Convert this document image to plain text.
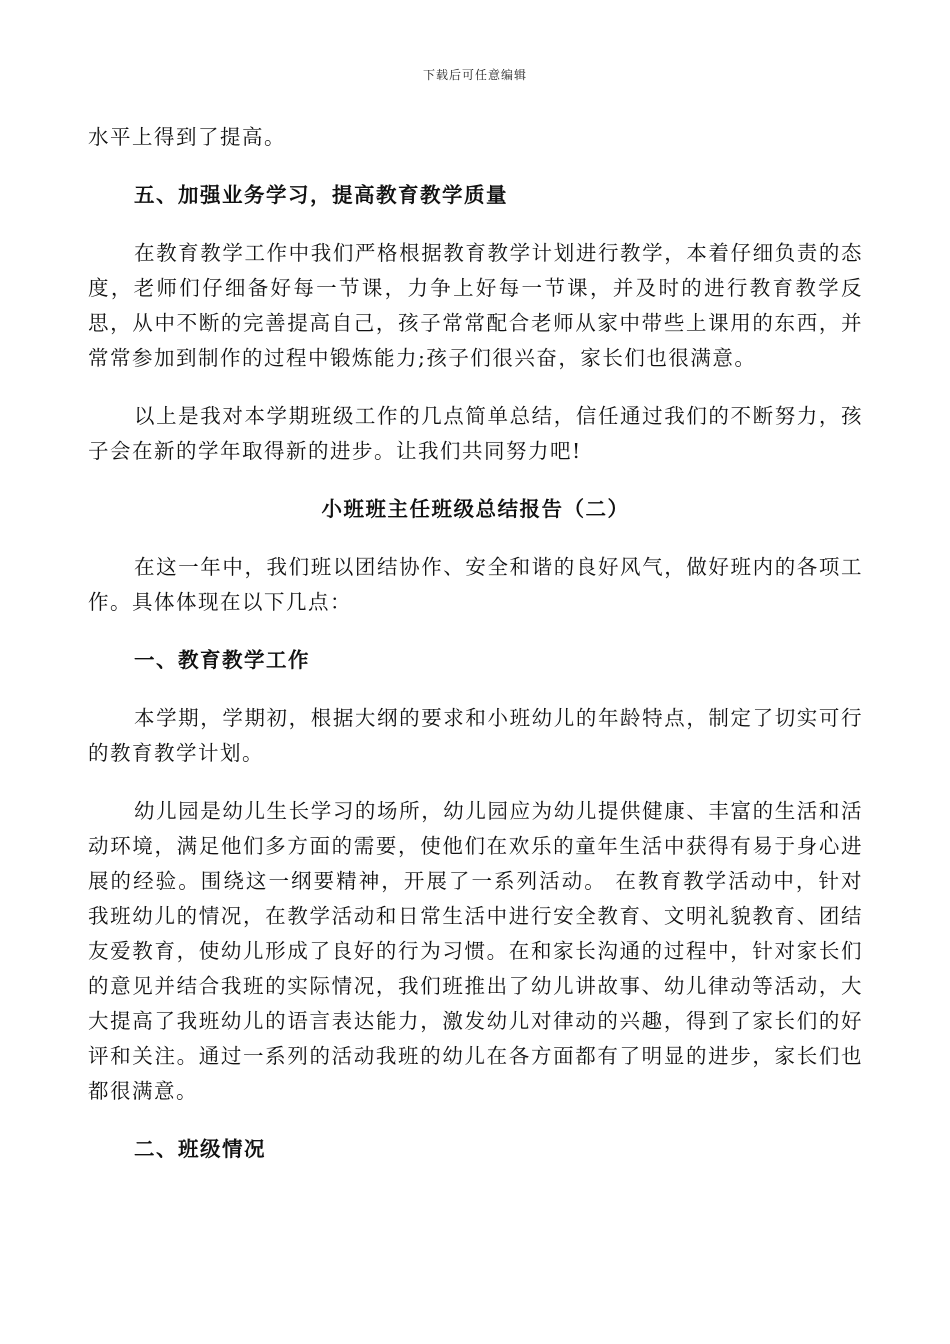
下载后可任意编辑
水平上得到了提高。
五、加强业务学习，提高教育教学质量
在教育教学工作中我们严格根据教育教学计划进行教学，本着仔细负责的态度，老师们仔细备好每一节课，力争上好每一节课，并及时的进行教育教学反思，从中不断的完善提高自己，孩子常常配合老师从家中带些上课用的东西，并常常参加到制作的过程中锻炼能力;孩子们很兴奋，家长们也很满意。
以上是我对本学期班级工作的几点简单总结，信任通过我们的不断努力，孩子会在新的学年取得新的进步。让我们共同努力吧!
小班班主任班级总结报告（二）
在这一年中，我们班以团结协作、安全和谐的良好风气，做好班内的各项工作。具体体现在以下几点：
一、教育教学工作
本学期，学期初，根据大纲的要求和小班幼儿的年龄特点，制定了切实可行的教育教学计划。
幼儿园是幼儿生长学习的场所，幼儿园应为幼儿提供健康、丰富的生活和活动环境，满足他们多方面的需要，使他们在欢乐的童年生活中获得有易于身心进展的经验。围绕这一纲要精神，开展了一系列活动。 在教育教学活动中，针对我班幼儿的情况，在教学活动和日常生活中进行安全教育、文明礼貌教育、团结友爱教育，使幼儿形成了良好的行为习惯。在和家长沟通的过程中，针对家长们的意见并结合我班的实际情况，我们班推出了幼儿讲故事、幼儿律动等活动，大大提高了我班幼儿的语言表达能力，激发幼儿对律动的兴趣，得到了家长们的好评和关注。通过一系列的活动我班的幼儿在各方面都有了明显的进步，家长们也都很满意。
二、班级情况
